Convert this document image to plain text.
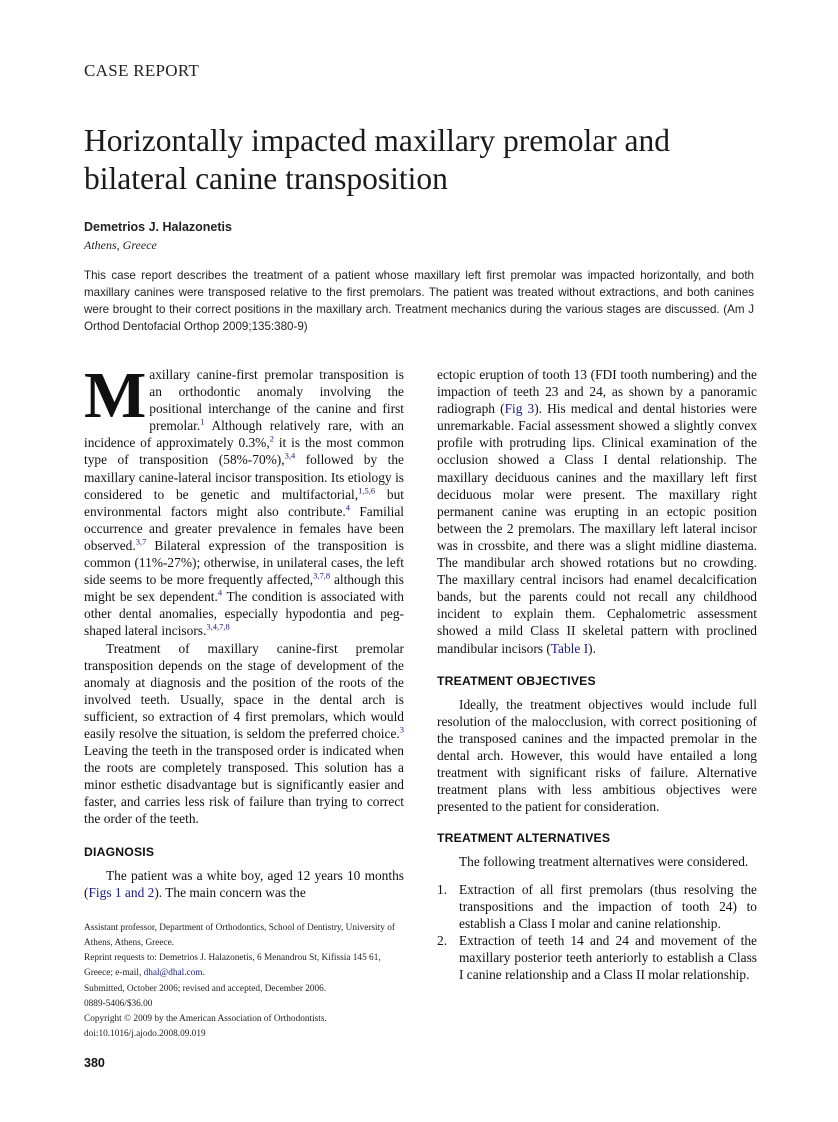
CASE REPORT
Horizontally impacted maxillary premolar and bilateral canine transposition
Demetrios J. Halazonetis
Athens, Greece
This case report describes the treatment of a patient whose maxillary left first premolar was impacted horizontally, and both maxillary canines were transposed relative to the first premolars. The patient was treated without extractions, and both canines were brought to their correct positions in the maxillary arch. Treatment mechanics during the various stages are discussed. (Am J Orthod Dentofacial Orthop 2009;135:380-9)

Maxillary canine-first premolar transposition is an orthodontic anomaly involving the positional interchange of the canine and first premolar.$^1$ Although relatively rare, with an incidence of approximately 0.3%,$^2$ it is the most common type of transposition (58%-70%),$^{3,4}$ followed by the maxillary canine-lateral incisor transposition. Its etiology is considered to be genetic and multifactorial,$^{1,5,6}$ but environmental factors might also contribute.$^4$ Familial occurrence and greater prevalence in females have been observed.$^{3,7}$ Bilateral expression of the transposition is common (11%-27%); otherwise, in unilateral cases, the left side seems to be more frequently affected,$^{3,7,8}$ although this might be sex dependent.$^4$ The condition is associated with other dental anomalies, especially hypodontia and peg-shaped lateral incisors.$^{3,4,7,8}$

Treatment of maxillary canine-first premolar transposition depends on the stage of development of the anomaly at diagnosis and the position of the roots of the involved teeth. Usually, space in the dental arch is sufficient, so extraction of 4 first premolars, which would easily resolve the situation, is seldom the preferred choice.$^3$ Leaving the teeth in the transposed order is indicated when the roots are completely transposed. This solution has a minor esthetic disadvantage but is significantly easier and faster, and carries less risk of failure than trying to correct the order of the teeth.

DIAGNOSIS

The patient was a white boy, aged 12 years 10 months (Figs 1 and 2). The main concern was the

Assistant professor, Department of Orthodontics, School of Dentistry, University of Athens, Athens, Greece.
Reprint requests to: Demetrios J. Halazonetis, 6 Menandrou St, Kifissia 145 61, Greece; e-mail, dhal@dhal.com.
Submitted, October 2006; revised and accepted, December 2006.
0889-5406/$36.00
Copyright © 2009 by the American Association of Orthodontists.
doi:10.1016/j.ajodo.2008.09.019
380

ectopic eruption of tooth 13 (FDI tooth numbering) and the impaction of teeth 23 and 24, as shown by a panoramic radiograph (Fig 3). His medical and dental histories were unremarkable. Facial assessment showed a slightly convex profile with protruding lips. Clinical examination of the occlusion showed a Class I dental relationship. The maxillary deciduous canines and the maxillary left first deciduous molar were present. The maxillary right permanent canine was erupting in an ectopic position between the 2 premolars. The maxillary left lateral incisor was in crossbite, and there was a slight midline diastema. The mandibular arch showed rotations but no crowding. The maxillary central incisors had enamel decalcification bands, but the parents could not recall any childhood incident to explain them. Cephalometric assessment showed a mild Class II skeletal pattern with proclined mandibular incisors (Table I).

TREATMENT OBJECTIVES

Ideally, the treatment objectives would include full resolution of the malocclusion, with correct positioning of the transposed canines and the impacted premolar in the dental arch. However, this would have entailed a long treatment with significant risks of failure. Alternative treatment plans with less ambitious objectives were presented to the patient for consideration.

TREATMENT ALTERNATIVES

The following treatment alternatives were considered.

1. Extraction of all first premolars (thus resolving the transpositions and the impaction of tooth 24) to establish a Class I molar and canine relationship.
2. Extraction of teeth 14 and 24 and movement of the maxillary posterior teeth anteriorly to establish a Class I canine relationship and a Class II molar relationship.
